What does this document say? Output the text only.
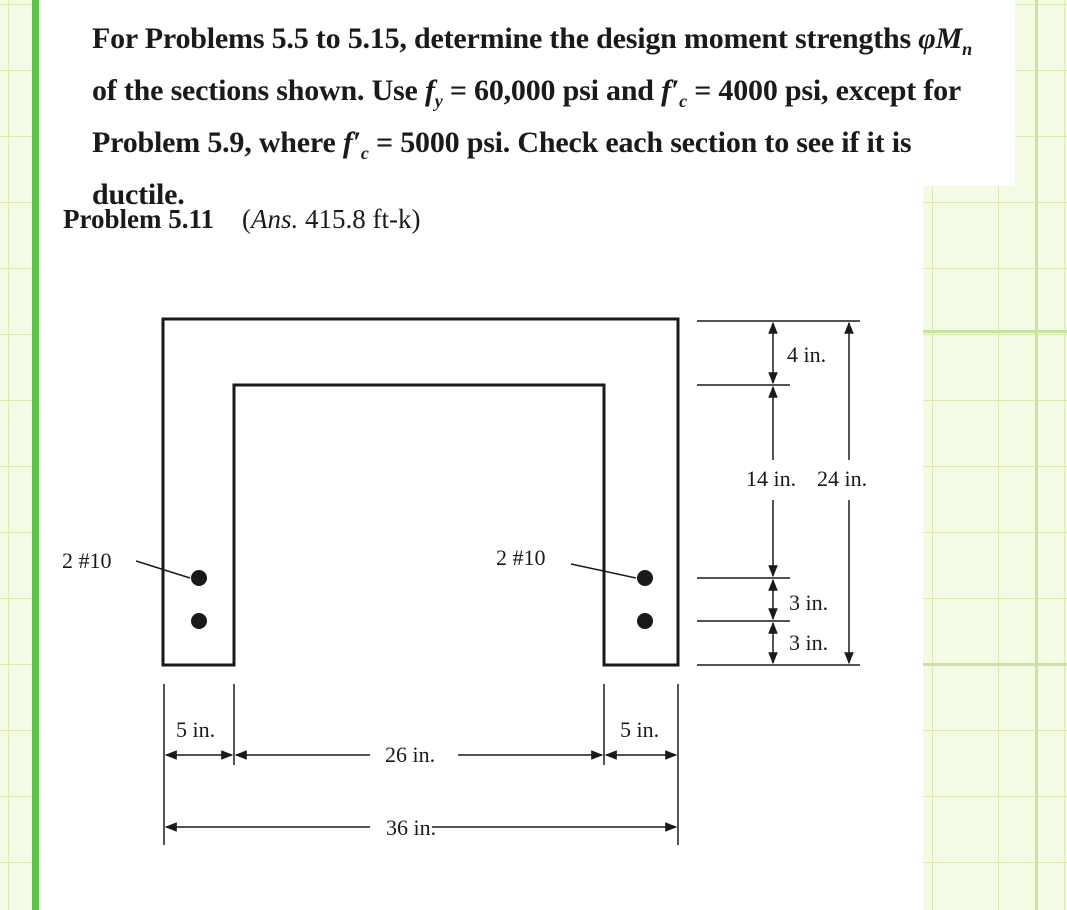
For Problems 5.5 to 5.15, determine the design moment strengths $\varphi M_n$ of the sections shown. Use $f_y = 60,000$ psi and $f'_c = 4000$ psi, except for Problem 5.9, where $f'_c = 5000$ psi. Check each section to see if it is ductile.

Problem 5.11 (Ans. 415.8 ft-k)
2 #10	2 #10
4 in.
14 in. 24 in.
3 in.
3 in.
5 in.	5 in.
26 in.
36 in.
